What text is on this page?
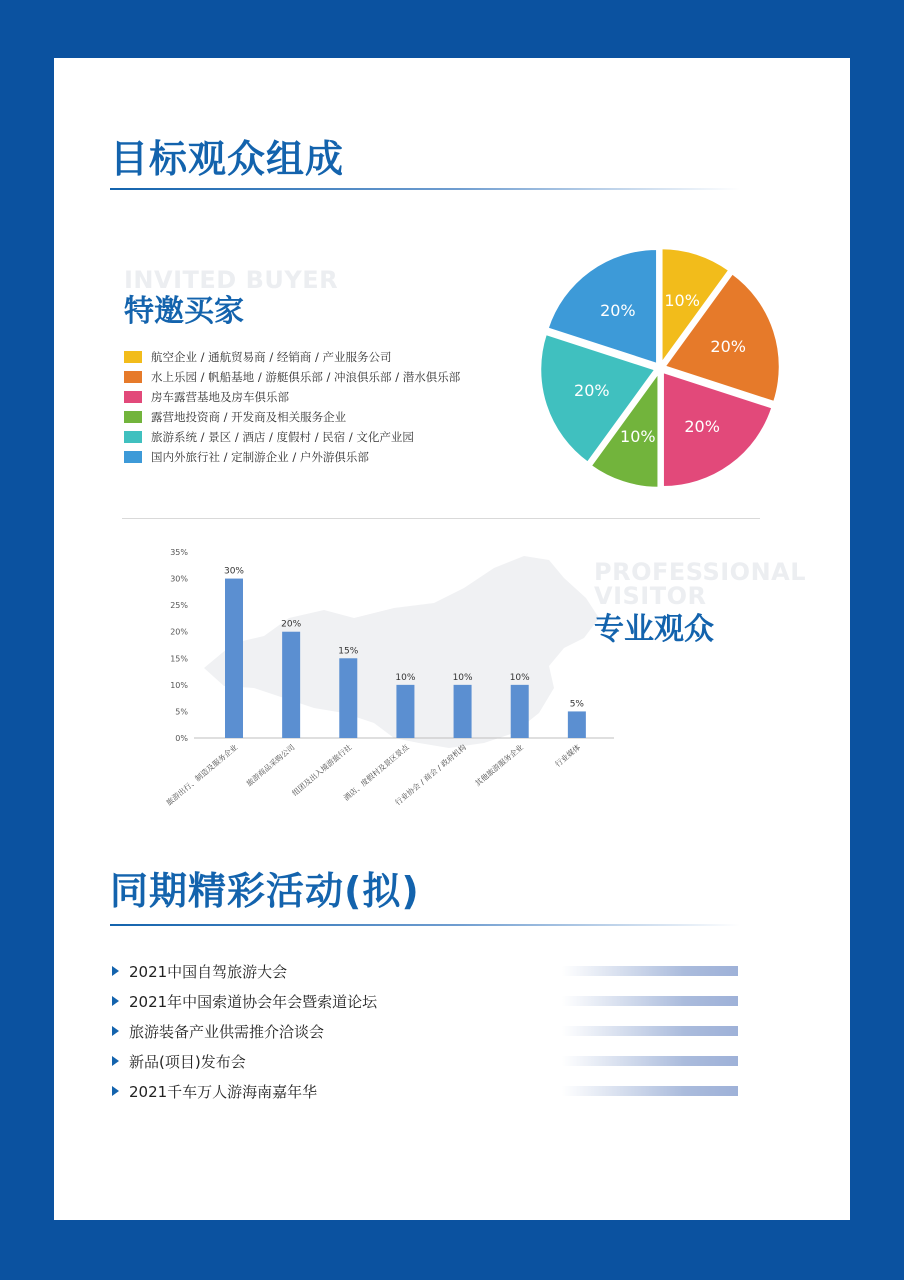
目标观众组成
INVITED BUYER
特邀买家
航空企业 / 通航贸易商 / 经销商 / 产业服务公司
水上乐园 / 帆船基地 / 游艇俱乐部 / 冲浪俱乐部 / 潜水俱乐部
房车露营基地及房车俱乐部
露营地投资商 / 开发商及相关服务企业
旅游系统 / 景区 / 酒店 / 度假村 / 民宿 / 文化产业园
国内外旅行社 / 定制游企业 / 户外游俱乐部
10%
20%
20%
10%
20%
20%
0%
5%
10%
15%
20%
25%
30%
35%
30%
旅游出行、制造及服务企业
20%
旅游商品采购公司
15%
组团及出入境游旅行社
10%
酒店、度假村及景区景点
10%
行业协会 / 商会 / 政府机构
10%
其他旅游服务企业
5%
行业媒体
PROFESSIONAL
VISITOR
专业观众
同期精彩活动(拟)
2021中国自驾旅游大会
2021年中国索道协会年会暨索道论坛
旅游装备产业供需推介洽谈会
新品(项目)发布会
2021千车万人游海南嘉年华
